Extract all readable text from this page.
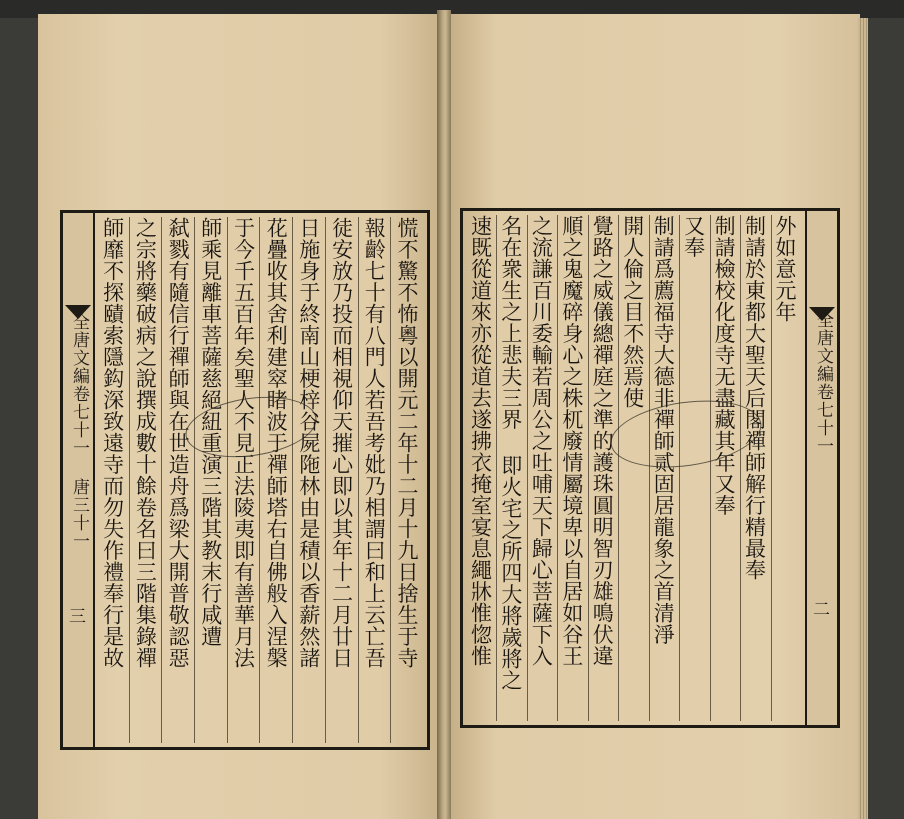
全唐文編卷七十一 唐三十一
三	慌不驚不怖粵以開元二年十二月十九日捨生于寺
報齡七十有八門人若吾考妣乃相謂曰和上云亡吾
徒安放乃投而相視仰天摧心即以其年十二月廿日
日施身于終南山梗梓谷屍陁林由是積以香薪然諸
花疊收其舍利建窣睹波于禪師塔右自佛般入涅槃
于今千五百年矣聖人不見正法陵夷即有善華月法
師乘見離車菩薩慈絕紐重演三階其教末行咸遭
弑戮有隨信行禪師與在世造舟爲梁大開普敬認惡
之宗將藥破病之說撰成數十餘卷名曰三階集錄禪
師靡不探賾索隱鈎深致遠寺而勿失作禮奉行是故	全唐文編卷七十一
二
外如意元年
制請於東都大聖天后閣禪師解行精最奉
制請檢校化度寺无盡藏其年又奉
又奉
制請爲薦福寺大德非禪師贰固居龍象之首清淨
開人倫之目不然焉使
覺路之威儀總禪庭之準的護珠圓明智刃雄鳴伏違
順之鬼魔碎身心之株杌廢情屬境卑以自居如谷王
之流謙百川委輸若周公之吐哺天下歸心菩薩下入
名在衆生之上悲夫三界 即火宅之所四大將歲將之
速既從道來亦從道去遂拂衣掩室宴息繩牀惟惚惟
